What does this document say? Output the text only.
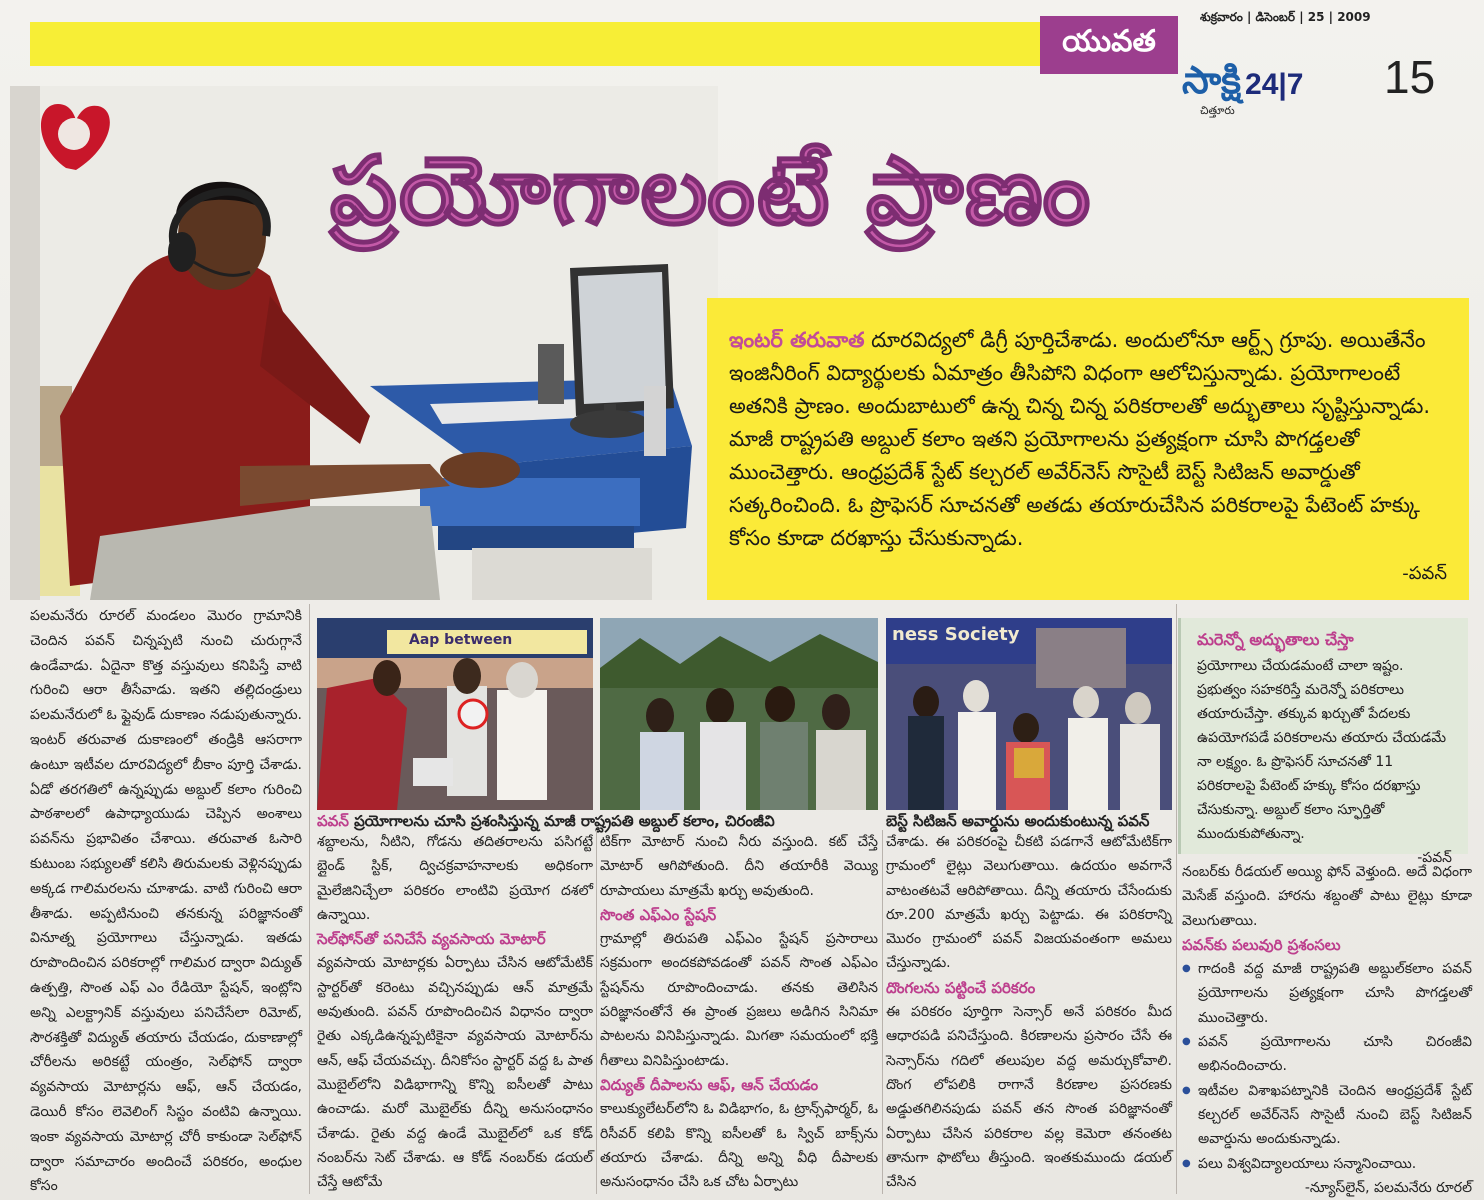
యువత
శుక్రవారం | డిసెంబర్ | 25 | 2009
సాక్షి 24|7
చిత్తూరు
15
ప్రయోగాలంటే ప్రాణం
ఇంటర్ తరువాత దూరవిద్యలో డిగ్రీ పూర్తిచేశాడు. అందులోనూ ఆర్ట్స్ గ్రూపు. అయితేనేం ఇంజినీరింగ్ విద్యార్థులకు ఏమాత్రం తీసిపోని విధంగా ఆలోచిస్తున్నాడు. ప్రయోగాలంటే అతనికి ప్రాణం. అందుబాటులో ఉన్న చిన్న చిన్న పరికరాలతో అద్భుతాలు సృష్టిస్తున్నాడు. మాజీ రాష్ట్రపతి అబ్దుల్ కలాం ఇతని ప్రయోగాలను ప్రత్యక్షంగా చూసి పొగడ్తలతో ముంచెత్తారు. ఆంధ్రప్రదేశ్ స్టేట్ కల్చరల్ అవేర్‌నెస్ సొసైటీ బెస్ట్ సిటిజన్ అవార్డుతో సత్కరించింది. ఓ ప్రొఫెసర్ సూచనతో అతడు తయారుచేసిన పరికరాలపై పేటెంట్ హక్కు కోసం కూడా దరఖాస్తు చేసుకున్నాడు.
-పవన్

పలమనేరు రూరల్ మండలం మొరం గ్రామానికి చెందిన పవన్ చిన్నప్పటి నుంచి చురుగ్గానే ఉండేవాడు. ఏదైనా కొత్త వస్తువులు కనిపిస్తే వాటి గురించి ఆరా తీసేవాడు. ఇతని తల్లిదండ్రులు పలమనేరులో ఓ ఫ్లైవుడ్ దుకాణం నడుపుతున్నారు. ఇంటర్ తరువాత దుకాణంలో తండ్రికి ఆసరాగా ఉంటూ ఇటీవల దూరవిద్యలో బీకాం పూర్తి చేశాడు. ఏడో తరగతిలో ఉన్నప్పుడు అబ్దుల్ కలాం గురించి పాఠశాలలో ఉపాధ్యాయుడు చెప్పిన అంశాలు పవన్‌ను ప్రభావితం చేశాయి. తరువాత ఓసారి కుటుంబ సభ్యులతో కలిసి తిరుమలకు వెళ్లినప్పుడు అక్కడ గాలిమరలను చూశాడు. వాటి గురించి ఆరా తీశాడు. అప్పటినుంచి తనకున్న పరిజ్ఞానంతో వినూత్న ప్రయోగాలు చేస్తున్నాడు. ఇతడు రూపొందించిన పరికరాల్లో గాలిమర ద్వారా విద్యుత్ ఉత్పత్తి, సొంత ఎఫ్ ఎం రేడియో స్టేషన్, ఇంట్లోని అన్ని ఎలక్ట్రానిక్ వస్తువులు పనిచేసేలా రిమోట్, సౌరశక్తితో విద్యుత్ తయారు చేయడం, దుకాణాల్లో చోరీలను అరికట్టే యంత్రం, సెల్‌ఫోన్ ద్వారా వ్యవసాయ మోటార్లను ఆఫ్, ఆన్ చేయడం, డెయిరీ కోసం లెవెలింగ్ సిస్టం వంటివి ఉన్నాయి. ఇంకా వ్యవసాయ మోటార్ల చోరీ కాకుండా సెల్‌ఫోన్ ద్వారా సమాచారం అందించే పరికరం, అంధుల కోసం

Aap between	ness Society
పవన్ ప్రయోగాలను చూసి ప్రశంసిస్తున్న మాజీ రాష్ట్రపతి అబ్దుల్ కలాం, చిరంజీవి	బెస్ట్ సిటిజన్ అవార్డును అందుకుంటున్న పవన్

శబ్దాలను, నీటిని, గోడను తదితరాలను పసిగట్టే బ్లైండ్ స్టిక్, ద్విచక్రవాహనాలకు అధికంగా మైలేజినిచ్చేలా పరికరం లాంటివి ప్రయోగ దశలో ఉన్నాయి.

సెల్‌ఫోన్‌తో పనిచేసే వ్యవసాయ మోటార్

వ్యవసాయ మోటార్లకు ఏర్పాటు చేసిన ఆటోమేటిక్ స్టార్టర్‌తో కరెంటు వచ్చినప్పుడు ఆన్ మాత్రమే అవుతుంది. పవన్ రూపొందించిన విధానం ద్వారా రైతు ఎక్కడిఉన్నప్పటికైనా వ్యవసాయ మోటార్‌ను ఆన్, ఆఫ్ చేయవచ్చు. దీనికోసం స్టార్టర్ వద్ద ఓ పాత మొబైల్‌లోని విడిభాగాన్ని కొన్ని ఐసీలతో పాటు ఉంచాడు. మరో మొబైల్‌కు దీన్ని అనుసంధానం చేశాడు. రైతు వద్ద ఉండే మొబైల్‌లో ఒక కోడ్ నంబర్‌ను సెట్ చేశాడు. ఆ కోడ్ నంబర్‌కు డయల్ చేస్తే ఆటోమే

టిక్‌గా మోటార్ నుంచి నీరు వస్తుంది. కట్ చేస్తే మోటార్ ఆగిపోతుంది. దీని తయారీకి వెయ్యి రూపాయలు మాత్రమే ఖర్చు అవుతుంది.

సొంత ఎఫ్‌ఎం స్టేషన్

గ్రామాల్లో తిరుపతి ఎఫ్‌ఎం స్టేషన్ ప్రసారాలు సక్రమంగా అందకపోవడంతో పవన్ సొంత ఎఫ్‌ఎం స్టేషన్‌ను రూపొందించాడు. తనకు తెలిసిన పరిజ్ఞానంతోనే ఈ ప్రాంత ప్రజలు అడిగిన సినిమా పాటలను వినిపిస్తున్నాడు. మిగతా సమయంలో భక్తి గీతాలు వినిపిస్తుంటాడు.

విద్యుత్ దీపాలను ఆఫ్, ఆన్ చేయడం

కాలుక్యులేటర్‌లోని ఓ విడిభాగం, ఓ ట్రాన్స్‌ఫార్మర్, ఓ రిసీవర్ కలిపి కొన్ని ఐసీలతో ఓ స్విచ్ బాక్స్‌ను తయారు చేశాడు. దీన్ని అన్ని వీధి దీపాలకు అనుసంధానం చేసి ఒక చోట ఏర్పాటు

చేశాడు. ఈ పరికరంపై చీకటి పడగానే ఆటోమేటిక్‌గా గ్రామంలో లైట్లు వెలుగుతాయి. ఉదయం అవగానే వాటంతటవే ఆరిపోతాయి. దీన్ని తయారు చేసేందుకు రూ.200 మాత్రమే ఖర్చు పెట్టాడు. ఈ పరికరాన్ని మొరం గ్రామంలో పవన్ విజయవంతంగా అమలు చేస్తున్నాడు.

దొంగలను పట్టించే పరికరం

ఈ పరికరం పూర్తిగా సెన్సార్ అనే పరికరం మీద ఆధారపడి పనిచేస్తుంది. కిరణాలను ప్రసారం చేసే ఈ సెన్సార్‌ను గదిలో తలుపుల వద్ద అమర్చుకోవాలి. దొంగ లోపలికి రాగానే కిరణాల ప్రసరణకు అడ్డుతగిలినపుడు పవన్ తన సొంత పరిజ్ఞానంతో ఏర్పాటు చేసిన పరికరాల వల్ల కెమెరా తనంతట తానుగా ఫొటోలు తీస్తుంది. ఇంతకుముందు డయల్ చేసిన

మరెన్నో అద్భుతాలు చేస్తా
ప్రయోగాలు చేయడమంటే చాలా ఇష్టం. ప్రభుత్వం సహకరిస్తే మరెన్నో పరికరాలు తయారుచేస్తా. తక్కువ ఖర్చుతో పేదలకు ఉపయోగపడే పరికరాలను తయారు చేయడమే నా లక్ష్యం. ఓ ప్రొఫెసర్ సూచనతో 11 పరికరాలపై పేటెంట్ హక్కు కోసం దరఖాస్తు చేసుకున్నా. అబ్దుల్ కలాం స్ఫూర్తితో ముందుకుపోతున్నా.
-పవన్

నంబర్‌కు రీడయల్ అయ్యి ఫోన్ వెళ్తుంది. అదే విధంగా మెసేజ్ వస్తుంది. హారను శబ్దంతో పాటు లైట్లు కూడా వెలుగుతాయి.

పవన్‌కు పలువురి ప్రశంసలు
● గాదంకి వద్ద మాజీ రాష్ట్రపతి అబ్దుల్‌కలాం పవన్ ప్రయోగాలను ప్రత్యక్షంగా చూసి పొగడ్తలతో ముంచెత్తారు.
● పవన్ ప్రయోగాలను చూసి చిరంజీవి అభినందించారు.
● ఇటీవల విశాఖపట్నానికి చెందిన ఆంధ్రప్రదేశ్ స్టేట్ కల్చరల్ అవేర్‌నెస్ సొసైటీ నుంచి బెస్ట్ సిటిజన్ అవార్డును అందుకున్నాడు.
● పలు విశ్వవిద్యాలయాలు సన్మానించాయి.
-న్యూస్‌లైన్, పలమనేరు రూరల్
